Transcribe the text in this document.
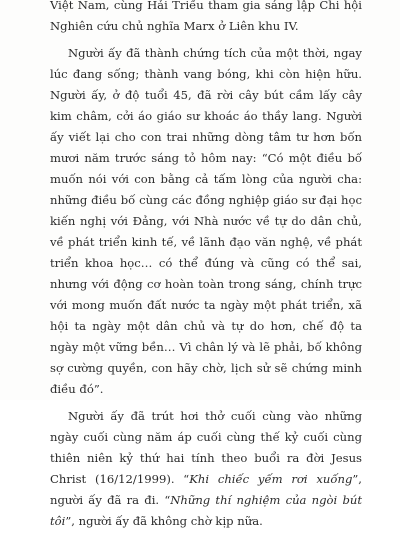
Việt Nam, cùng Hải Triều tham gia sáng lập Chi hội Nghiên cứu chủ nghĩa Marx ở Liên khu IV.

Người ấy đã thành chứng tích của một thời, ngay lúc đang sống; thành vang bóng, khi còn hiện hữu. Người ấy, ở độ tuổi 45, đã rời cây bút cầm lấy cây kim châm, cởi áo giáo sư khoác áo thầy lang. Người ấy viết lại cho con trai những dòng tâm tư hơn bốn mươi năm trước sáng tỏ hôm nay: “Có một điều bố muốn nói với con bằng cả tấm lòng của người cha: những điều bố cùng các đồng nghiệp giáo sư đại học kiến nghị với Đảng, với Nhà nước về tự do dân chủ, về phát triển kinh tế, về lãnh đạo văn nghệ, về phát triển khoa học… có thể đúng và cũng có thể sai, nhưng với động cơ hoàn toàn trong sáng, chính trực với mong muốn đất nước ta ngày một phát triển, xã hội ta ngày một dân chủ và tự do hơn, chế độ ta ngày một vững bền… Vì chân lý và lẽ phải, bố không sợ cường quyền, con hãy chờ, lịch sử sẽ chứng minh điều đó”.

Người ấy đã trút hơi thở cuối cùng vào những ngày cuối cùng năm áp cuối cùng thế kỷ cuối cùng thiên niên kỷ thứ hai tính theo buổi ra đời Jesus Christ (16/12/1999). “Khi chiếc yếm rơi xuống”, người ấy đã ra đi. “Những thí nghiệm của ngòi bút tôi”, người ấy đã không chờ kịp nữa.
